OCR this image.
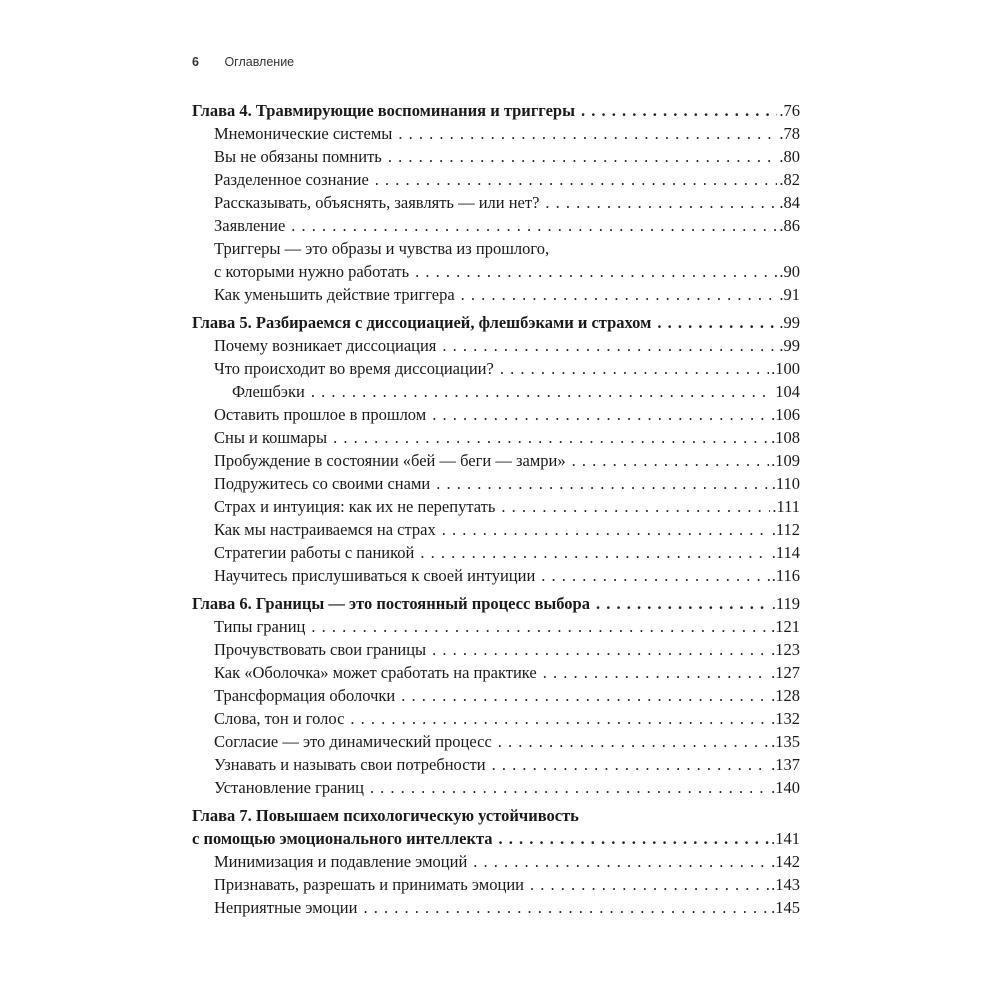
6 Оглавление
Глава 4. Травмирующие воспоминания и триггеры . . .	.76
Мнемонические системы . . .	.78
Вы не обязаны помнить . . .	.80
Разделенное сознание . . .	.82
Рассказывать, объяснять, заявлять — или нет? . . .	.84
Заявление . . .	.86
Триггеры — это образы и чувства из прошлого,
с которыми нужно работать . . .	.90
Как уменьшить действие триггера . . .	.91
Глава 5. Разбираемся с диссоциацией, флешбэками и страхом . . .	.99
Почему возникает диссоциация . . .	.99
Что происходит во время диссоциации? . . .	.100
Флешбэки . . .	104
Оставить прошлое в прошлом . . .	.106
Сны и кошмары . . .	.108
Пробуждение в состоянии «бей — беги — замри» . . .	.109
Подружитесь со своими снами . . .	.110
Страх и интуиция: как их не перепутать . . .	.111
Как мы настраиваемся на страх . . .	.112
Стратегии работы с паникой . . .	.114
Научитесь прислушиваться к своей интуиции . . .	.116
Глава 6. Границы — это постоянный процесс выбора . . .	.119
Типы границ . . .	.121
Прочувствовать свои границы . . .	.123
Как «Оболочка» может сработать на практике . . .	.127
Трансформация оболочки . . .	.128
Слова, тон и голос . . .	.132
Согласие — это динамический процесс . . .	.135
Узнавать и называть свои потребности . . .	.137
Установление границ . . .	.140
Глава 7. Повышаем психологическую устойчивость
с помощью эмоционального интеллекта . . .	.141
Минимизация и подавление эмоций . . .	.142
Признавать, разрешать и принимать эмоции . . .	.143
Неприятные эмоции . . .	.145
